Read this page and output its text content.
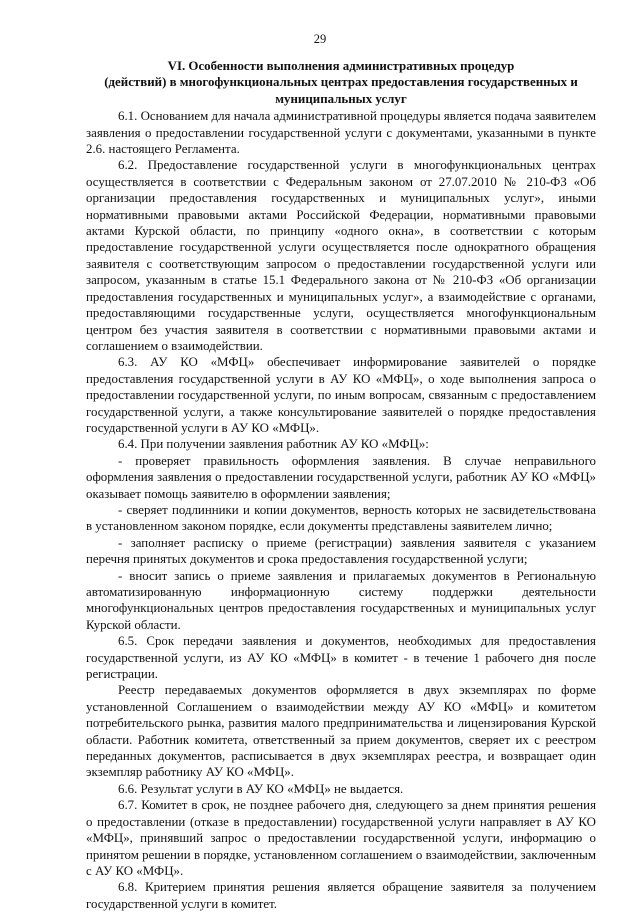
29
VI. Особенности выполнения административных процедур
(действий) в многофункциональных центрах предоставления государственных и
муниципальных услуг

6.1. Основанием для начала административной процедуры является подача заявителем заявления о предоставлении государственной услуги с документами, указанными в пункте 2.6. настоящего Регламента.

6.2. Предоставление государственной услуги в многофункциональных центрах осуществляется в соответствии с Федеральным законом от 27.07.2010 № 210-ФЗ «Об организации предоставления государственных и муниципальных услуг», иными нормативными правовыми актами Российской Федерации, нормативными правовыми актами Курской области, по принципу «одного окна», в соответствии с которым предоставление государственной услуги осуществляется после однократного обращения заявителя с соответствующим запросом о предоставлении государственной услуги или запросом, указанным в статье 15.1 Федерального закона от № 210-ФЗ «Об организации предоставления государственных и муниципальных услуг», а взаимодействие с органами, предоставляющими государственные услуги, осуществляется многофункциональным центром без участия заявителя в соответствии с нормативными правовыми актами и соглашением о взаимодействии.

6.3. АУ КО «МФЦ» обеспечивает информирование заявителей о порядке предоставления государственной услуги в АУ КО «МФЦ», о ходе выполнения запроса о предоставлении государственной услуги, по иным вопросам, связанным с предоставлением государственной услуги, а также консультирование заявителей о порядке предоставления государственной услуги в АУ КО «МФЦ».

6.4. При получении заявления работник АУ КО «МФЦ»:

- проверяет правильность оформления заявления. В случае неправильного оформления заявления о предоставлении государственной услуги, работник АУ КО «МФЦ» оказывает помощь заявителю в оформлении заявления;

- сверяет подлинники и копии документов, верность которых не засвидетельствована в установленном законом порядке, если документы представлены заявителем лично;

- заполняет расписку о приеме (регистрации) заявления заявителя с указанием перечня принятых документов и срока предоставления государственной услуги;

- вносит запись о приеме заявления и прилагаемых документов в Региональную автоматизированную информационную систему поддержки деятельности многофункциональных центров предоставления государственных и муниципальных услуг Курской области.

6.5. Срок передачи заявления и документов, необходимых для предоставления государственной услуги, из АУ КО «МФЦ» в комитет - в течение 1 рабочего дня после регистрации.

Реестр передаваемых документов оформляется в двух экземплярах по форме установленной Соглашением о взаимодействии между АУ КО «МФЦ» и комитетом потребительского рынка, развития малого предпринимательства и лицензирования Курской области. Работник комитета, ответственный за прием документов, сверяет их с реестром переданных документов, расписывается в двух экземплярах реестра, и возвращает один экземпляр работнику АУ КО «МФЦ».

6.6. Результат услуги в АУ КО «МФЦ» не выдается.

6.7. Комитет в срок, не позднее рабочего дня, следующего за днем принятия решения о предоставлении (отказе в предоставлении) государственной услуги направляет в АУ КО «МФЦ», принявший запрос о предоставлении государственной услуги, информацию о принятом решении в порядке, установленном соглашением о взаимодействии, заключенным с АУ КО «МФЦ».

6.8. Критерием принятия решения является обращение заявителя за получением государственной услуги в комитет.
